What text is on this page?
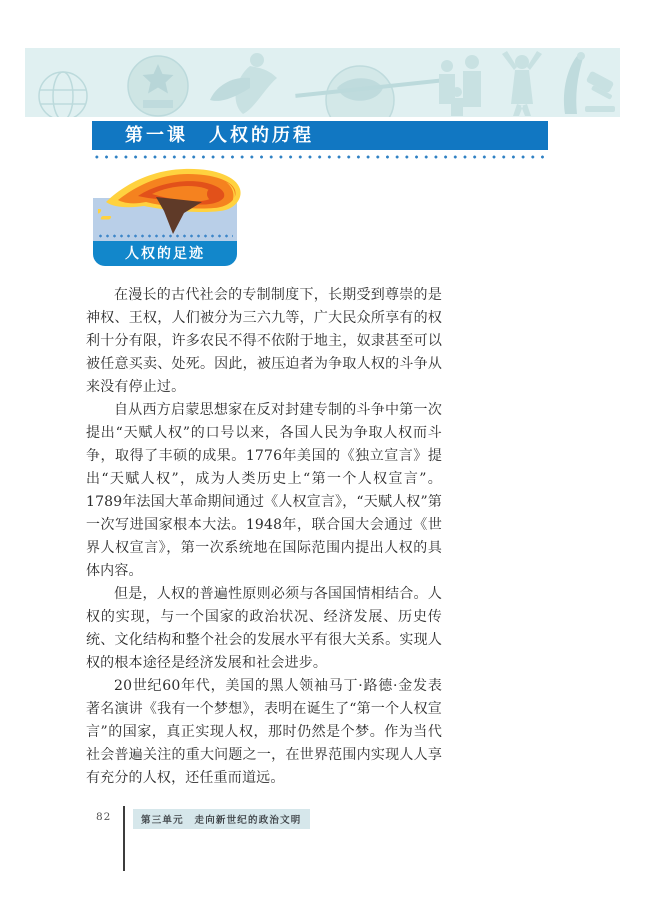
第一课　人权的历程
人权的足迹

在漫长的古代社会的专制制度下，长期受到尊崇的是神权、王权，人们被分为三六九等，广大民众所享有的权利十分有限，许多农民不得不依附于地主，奴隶甚至可以被任意买卖、处死。因此，被压迫者为争取人权的斗争从来没有停止过。

自从西方启蒙思想家在反对封建专制的斗争中第一次提出“天赋人权”的口号以来，各国人民为争取人权而斗争，取得了丰硕的成果。1776年美国的《独立宣言》提出“天赋人权”，成为人类历史上“第一个人权宣言”。1789年法国大革命期间通过《人权宣言》，“天赋人权”第一次写进国家根本大法。1948年，联合国大会通过《世界人权宣言》，第一次系统地在国际范围内提出人权的具体内容。

但是，人权的普遍性原则必须与各国国情相结合。人权的实现，与一个国家的政治状况、经济发展、历史传统、文化结构和整个社会的发展水平有很大关系。实现人权的根本途径是经济发展和社会进步。

20世纪60年代，美国的黑人领袖马丁·路德·金发表著名演讲《我有一个梦想》，表明在诞生了“第一个人权宣言”的国家，真正实现人权，那时仍然是个梦。作为当代社会普遍关注的重大问题之一，在世界范围内实现人人享有充分的人权，还任重而道远。

82	第三单元　走向新世纪的政治文明
